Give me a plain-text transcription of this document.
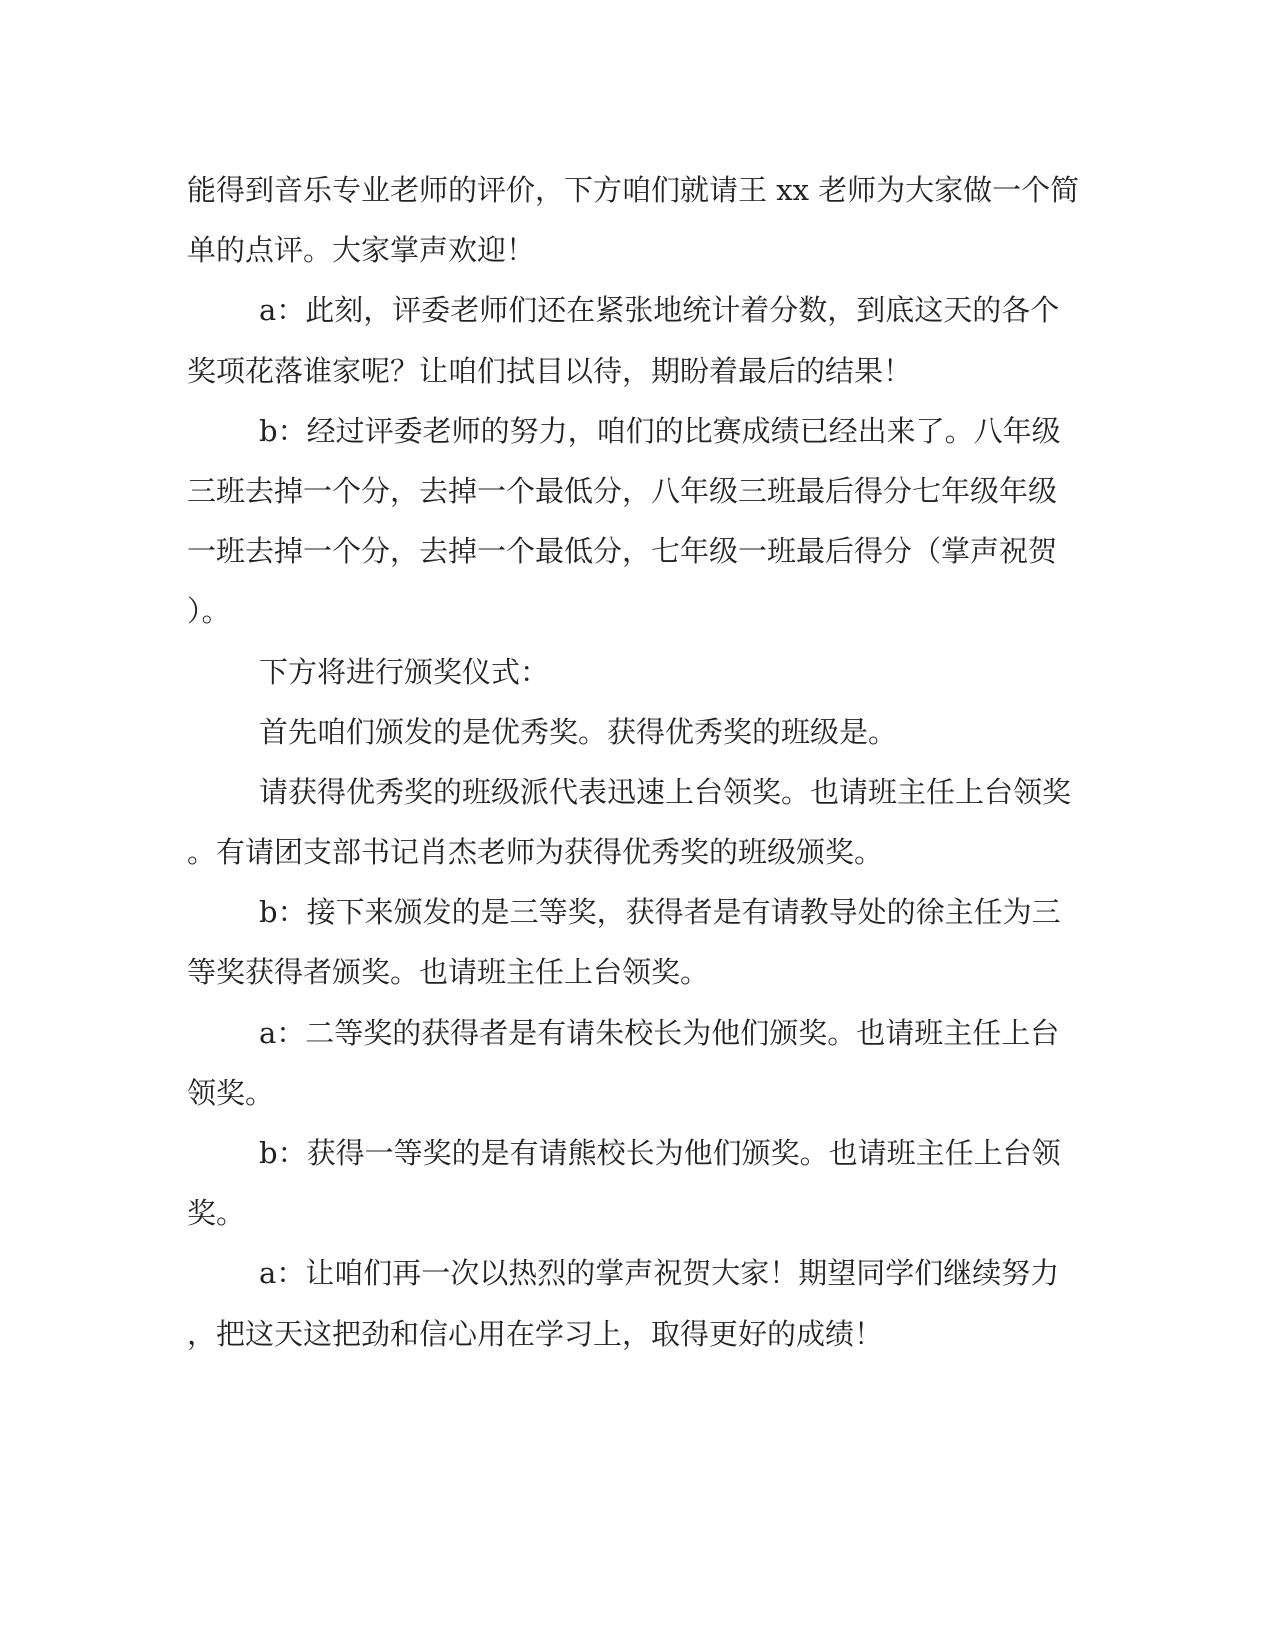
能得到音乐专业老师的评价，下方咱们就请王 xx 老师为大家做一个简
单的点评。大家掌声欢迎！
a：此刻，评委老师们还在紧张地统计着分数，到底这天的各个
奖项花落谁家呢？让咱们拭目以待，期盼着最后的结果！
b：经过评委老师的努力，咱们的比赛成绩已经出来了。八年级
三班去掉一个分，去掉一个最低分，八年级三班最后得分七年级年级
一班去掉一个分，去掉一个最低分，七年级一班最后得分（掌声祝贺
）。
下方将进行颁奖仪式：
首先咱们颁发的是优秀奖。获得优秀奖的班级是。
请获得优秀奖的班级派代表迅速上台领奖。也请班主任上台领奖
。有请团支部书记肖杰老师为获得优秀奖的班级颁奖。
b：接下来颁发的是三等奖，获得者是有请教导处的徐主任为三
等奖获得者颁奖。也请班主任上台领奖。
a：二等奖的获得者是有请朱校长为他们颁奖。也请班主任上台
领奖。
b：获得一等奖的是有请熊校长为他们颁奖。也请班主任上台领
奖。
a：让咱们再一次以热烈的掌声祝贺大家！期望同学们继续努力
，把这天这把劲和信心用在学习上，取得更好的成绩！
